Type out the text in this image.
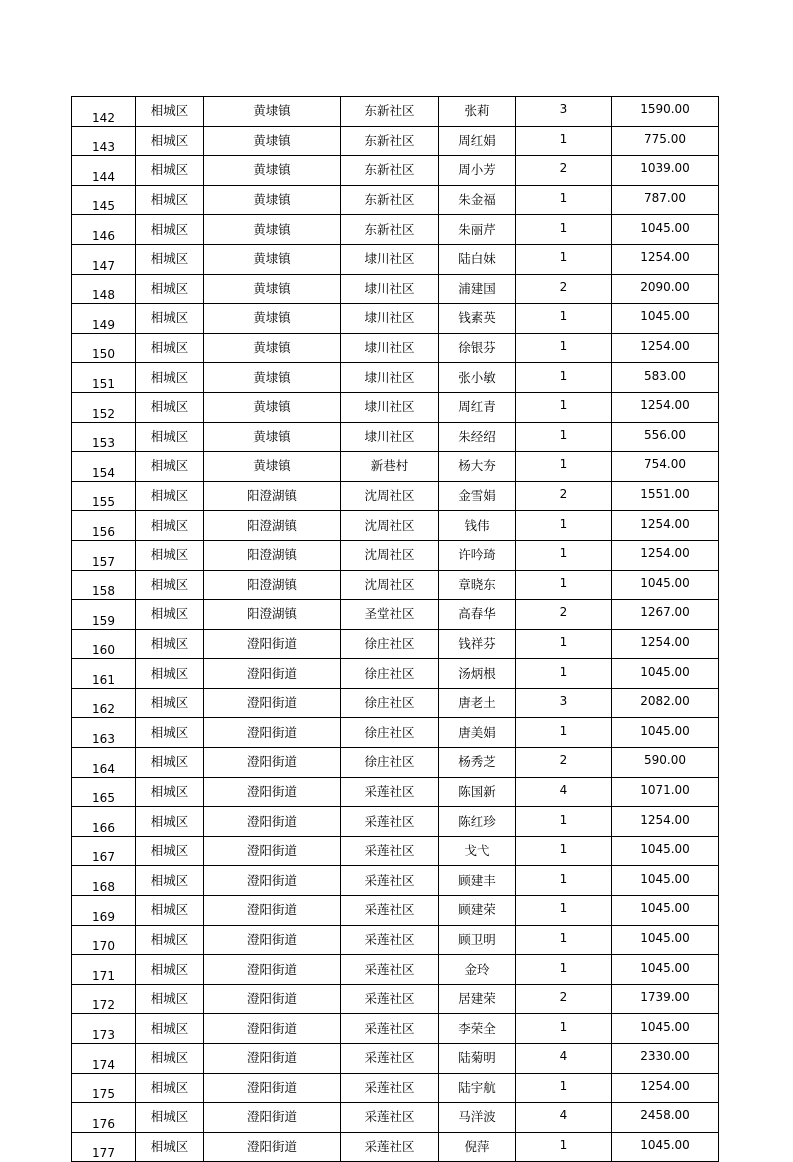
142	相城区	黄埭镇	东新社区	张莉	3	1590.00
143	相城区	黄埭镇	东新社区	周红娟	1	775.00
144	相城区	黄埭镇	东新社区	周小芳	2	1039.00
145	相城区	黄埭镇	东新社区	朱金福	1	787.00
146	相城区	黄埭镇	东新社区	朱丽芹	1	1045.00
147	相城区	黄埭镇	埭川社区	陆白妹	1	1254.00
148	相城区	黄埭镇	埭川社区	浦建国	2	2090.00
149	相城区	黄埭镇	埭川社区	钱素英	1	1045.00
150	相城区	黄埭镇	埭川社区	徐银芬	1	1254.00
151	相城区	黄埭镇	埭川社区	张小敏	1	583.00
152	相城区	黄埭镇	埭川社区	周红青	1	1254.00
153	相城区	黄埭镇	埭川社区	朱经绍	1	556.00
154	相城区	黄埭镇	新巷村	杨大夯	1	754.00
155	相城区	阳澄湖镇	沈周社区	金雪娟	2	1551.00
156	相城区	阳澄湖镇	沈周社区	钱伟	1	1254.00
157	相城区	阳澄湖镇	沈周社区	许吟琦	1	1254.00
158	相城区	阳澄湖镇	沈周社区	章晓东	1	1045.00
159	相城区	阳澄湖镇	圣堂社区	高春华	2	1267.00
160	相城区	澄阳街道	徐庄社区	钱祥芬	1	1254.00
161	相城区	澄阳街道	徐庄社区	汤炳根	1	1045.00
162	相城区	澄阳街道	徐庄社区	唐老土	3	2082.00
163	相城区	澄阳街道	徐庄社区	唐美娟	1	1045.00
164	相城区	澄阳街道	徐庄社区	杨秀芝	2	590.00
165	相城区	澄阳街道	采莲社区	陈国新	4	1071.00
166	相城区	澄阳街道	采莲社区	陈红珍	1	1254.00
167	相城区	澄阳街道	采莲社区	戈弋	1	1045.00
168	相城区	澄阳街道	采莲社区	顾建丰	1	1045.00
169	相城区	澄阳街道	采莲社区	顾建荣	1	1045.00
170	相城区	澄阳街道	采莲社区	顾卫明	1	1045.00
171	相城区	澄阳街道	采莲社区	金玲	1	1045.00
172	相城区	澄阳街道	采莲社区	居建荣	2	1739.00
173	相城区	澄阳街道	采莲社区	李荣全	1	1045.00
174	相城区	澄阳街道	采莲社区	陆菊明	4	2330.00
175	相城区	澄阳街道	采莲社区	陆宇航	1	1254.00
176	相城区	澄阳街道	采莲社区	马洋波	4	2458.00
177	相城区	澄阳街道	采莲社区	倪萍	1	1045.00
